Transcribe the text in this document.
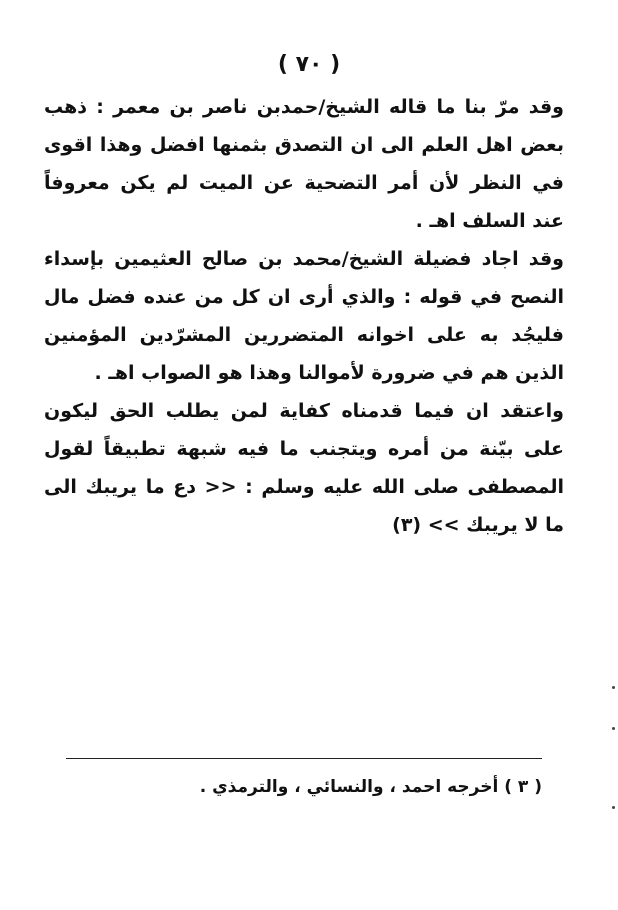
( ٧٠ )

وقد مرّ بنا ما قاله الشيخ/حمدبن ناصر بن معمر : ذهب بعض اهل العلم الى ان التصدق بثمنها افضل وهذا اقوى في النظر لأن أمر التضحية عن الميت لم يكن معروفاً عند السلف اهـ .

وقد اجاد فضيلة الشيخ/محمد بن صالح العثيمين بإسداء النصح في قوله : والذي أرى ان كل من عنده فضل مال فليجُد به على اخوانه المتضررين المشرّدين المؤمنين الذين هم في ضرورة لأموالنا وهذا هو الصواب اهـ .

واعتقد ان فيما قدمناه كفاية لمن يطلب الحق ليكون على بيّنة من أمره ويتجنب ما فيه شبهة تطبيقاً لقول المصطفى صلى الله عليه وسلم : << دع ما يريبك الى ما لا يريبك >> (٣)

( ٣ ) أخرجه احمد ، والنسائي ، والترمذي .
